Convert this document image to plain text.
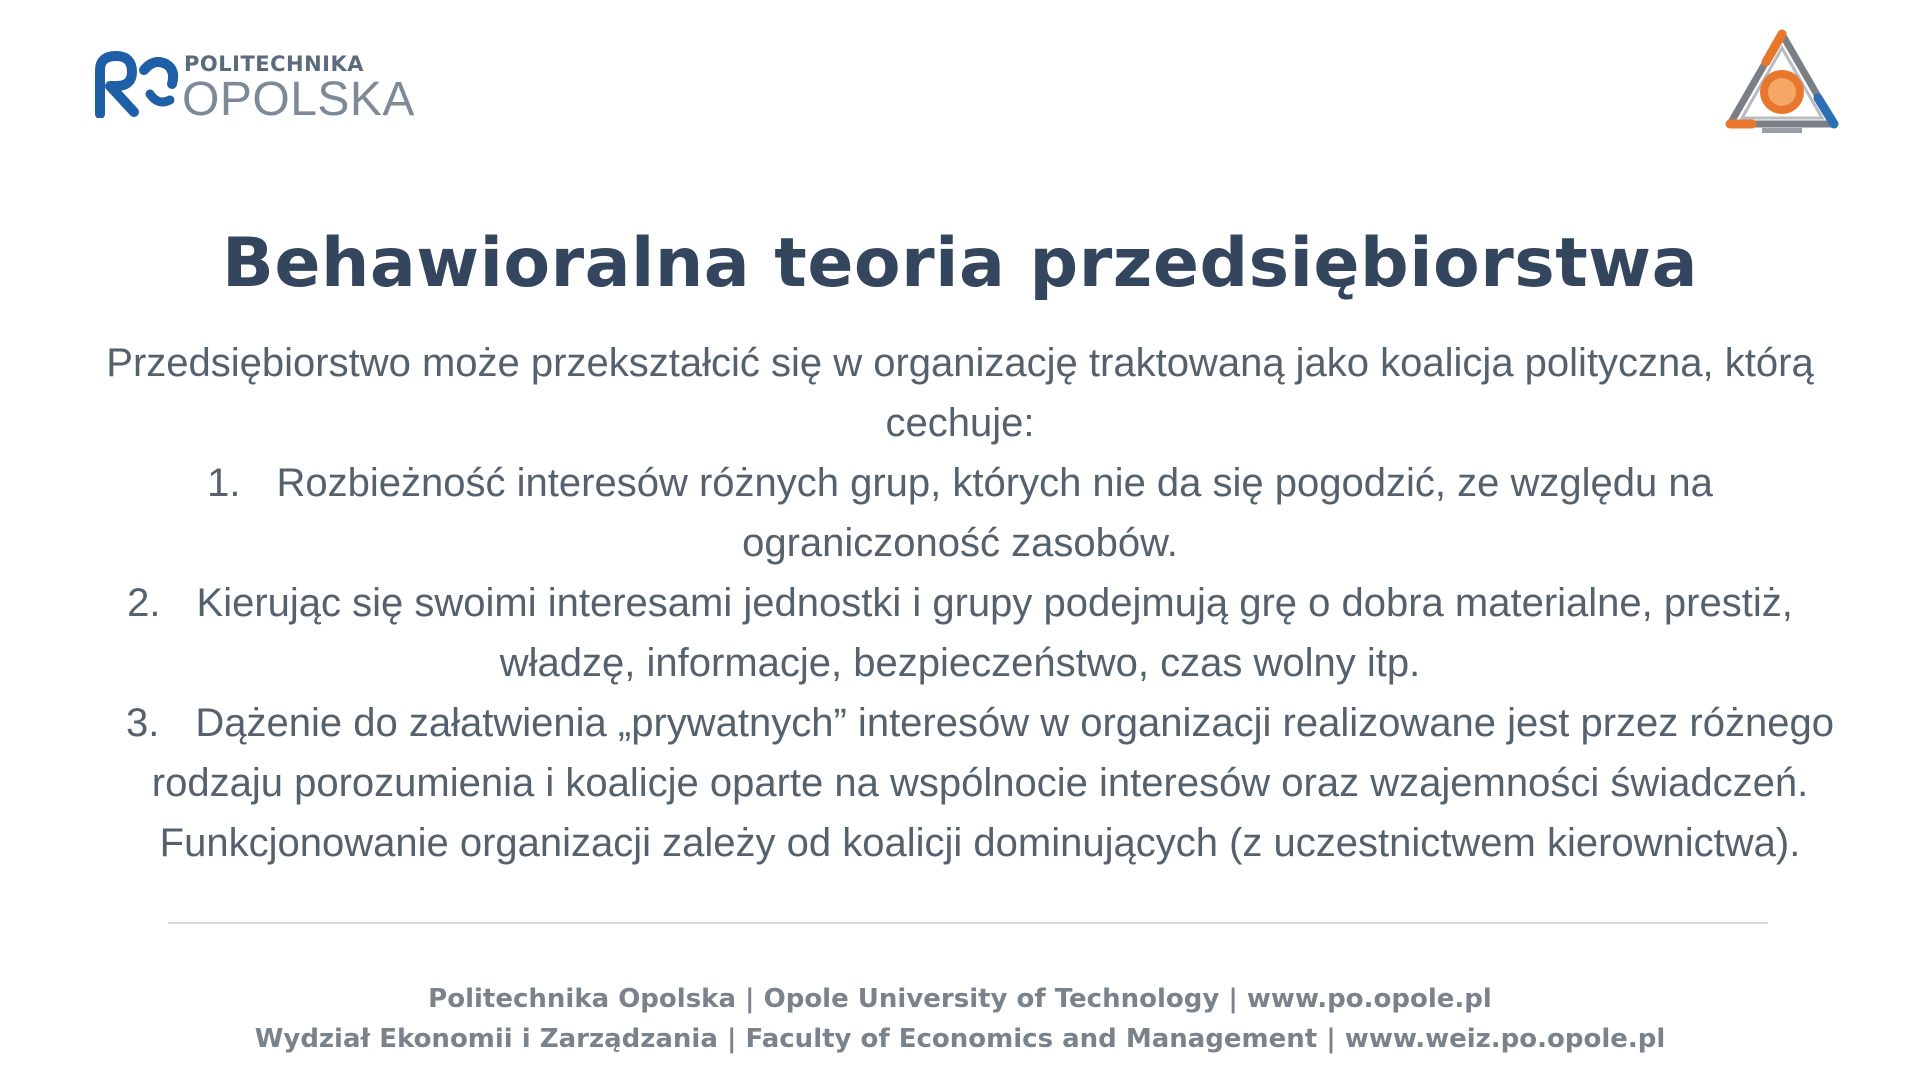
POLITECHNIKA
OPOLSKA
Behawioralna teoria przedsiębiorstwa

Przedsiębiorstwo może przekształcić się w organizację traktowaną jako koalicja polityczna, którą cechuje:

1. Rozbieżność interesów różnych grup, których nie da się pogodzić, ze względu na ograniczoność zasobów.
2. Kierując się swoimi interesami jednostki i grupy podejmują grę o dobra materialne, prestiż, władzę, informacje, bezpieczeństwo, czas wolny itp.
3. Dążenie do załatwienia „prywatnych” interesów w organizacji realizowane jest przez różnego rodzaju porozumienia i koalicje oparte na wspólnocie interesów oraz wzajemności świadczeń. Funkcjonowanie organizacji zależy od koalicji dominujących (z uczestnictwem kierownictwa).
Politechnika Opolska | Opole University of Technology | www.po.opole.pl
Wydział Ekonomii i Zarządzania | Faculty of Economics and Management | www.weiz.po.opole.pl
